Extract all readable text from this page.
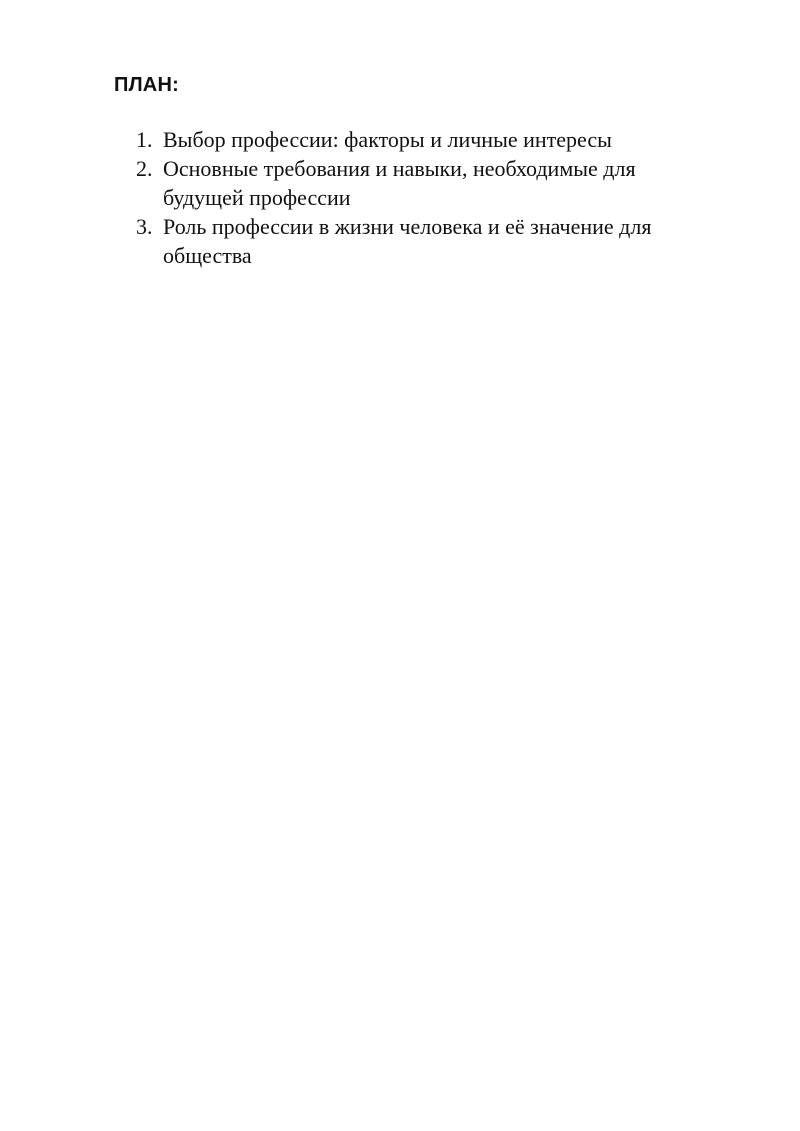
ПЛАН:
1. Выбор профессии: факторы и личные интересы
2. Основные требования и навыки, необходимые для будущей профессии
3. Роль профессии в жизни человека и её значение для общества
